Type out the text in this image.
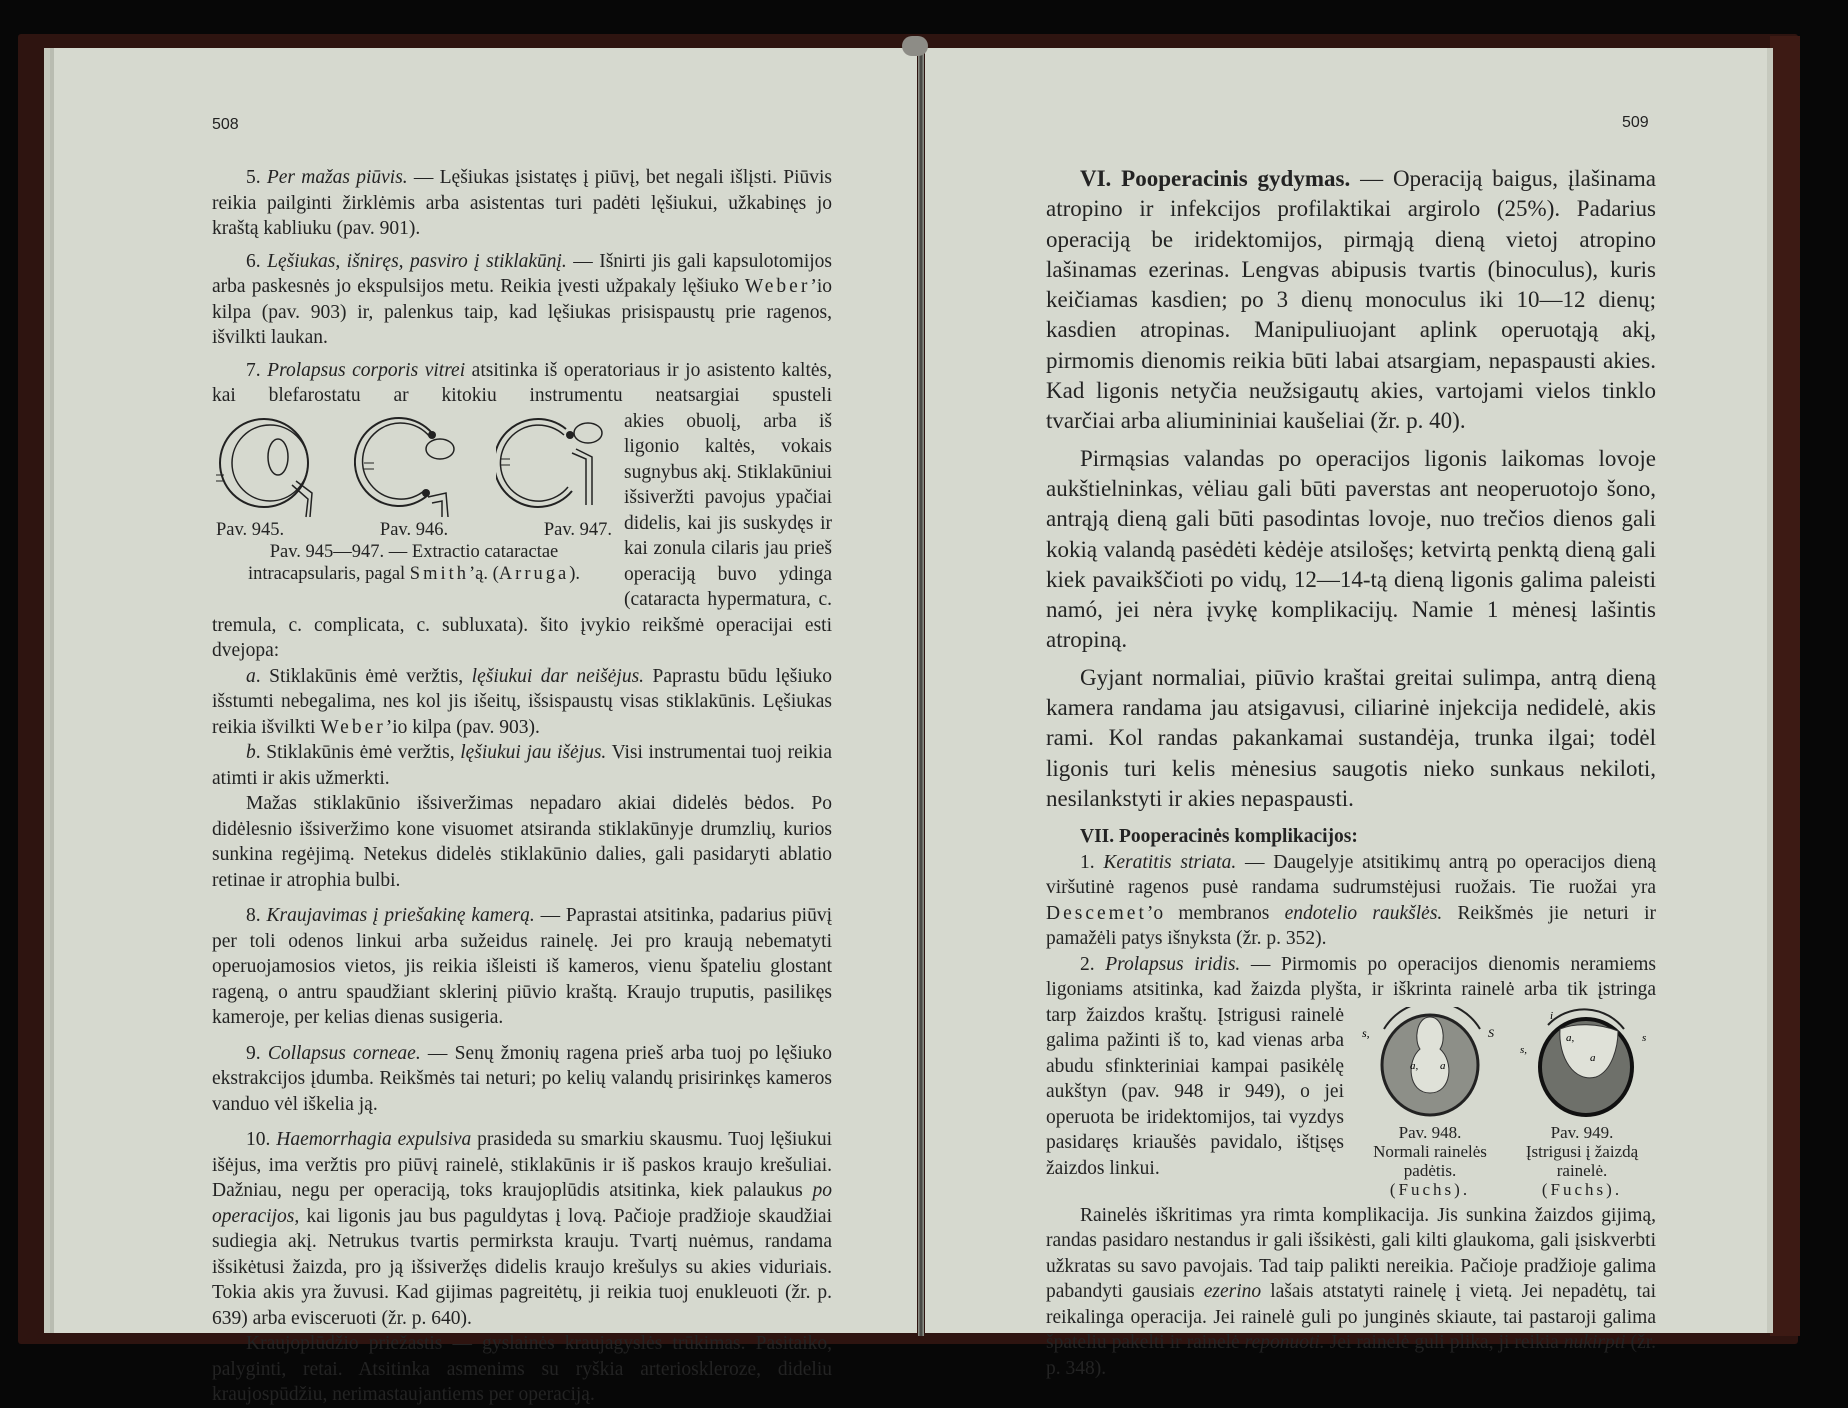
508

5. Per mažas piūvis. — Lęšiukas įsistatęs į piūvį, bet negali išlįsti. Piūvis reikia pailginti žirklėmis arba asistentas turi padėti lęšiukui, užkabinęs jo kraštą kabliuku (pav. 901).

6. Lęšiukas, išniręs, pasviro į stiklakūnį. — Išnirti jis gali kapsulotomijos arba paskesnės jo ekspulsijos metu. Reikia įvesti užpakaly lęšiuko Weber’io kilpa (pav. 903) ir, palenkus taip, kad lęšiukas prisispaustų prie ragenos, išvilkti laukan.

7. Prolapsus corporis vitrei atsitinka iš operatoriaus ir jo asistento kaltės, kai blefarostatu ar kitokiu instrumentu neatsargiai spusteli

Pav. 945.	Pav. 946.	Pav. 947.
Pav. 945—947. — Extractio cataractae intracapsularis, pagal Smith’ą. (Arruga).
akies obuolį, arba iš ligonio kaltės, vokais sugnybus akį. Stiklakūniui išsiveržti pavojus ypačiai didelis, kai jis suskydęs ir kai zonula cilaris jau prieš operaciją buvo ydinga (cataracta hypermatura, c. tremula, c. complicata, c. subluxata). šito įvykio reikšmė operacijai esti dvejopa:

a. Stiklakūnis ėmė veržtis, lęšiukui dar neišėjus. Paprastu būdu lęšiuko išstumti nebegalima, nes kol jis išeitų, išsispaustų visas stiklakūnis. Lęšiukas reikia išvilkti Weber’io kilpa (pav. 903).

b. Stiklakūnis ėmė veržtis, lęšiukui jau išėjus. Visi instrumentai tuoj reikia atimti ir akis užmerkti.

Mažas stiklakūnio išsiveržimas nepadaro akiai didelės bėdos. Po didėlesnio išsiveržimo kone visuomet atsiranda stiklakūnyje drumzlių, kurios sunkina regėjimą. Netekus didelės stiklakūnio dalies, gali pasidaryti ablatio retinae ir atrophia bulbi.

8. Kraujavimas į priešakinę kamerą. — Paprastai atsitinka, padarius piūvį per toli odenos linkui arba sužeidus rainelę. Jei pro kraują nebematyti operuojamosios vietos, jis reikia išleisti iš kameros, vienu špateliu glostant rageną, o antru spaudžiant sklerinį piūvio kraštą. Kraujo truputis, pasilikęs kameroje, per kelias dienas susigeria.

9. Collapsus corneae. — Senų žmonių ragena prieš arba tuoj po lęšiuko ekstrakcijos įdumba. Reikšmės tai neturi; po kelių valandų prisirinkęs kameros vanduo vėl iškelia ją.

10. Haemorrhagia expulsiva prasideda su smarkiu skausmu. Tuoj lęšiukui išėjus, ima veržtis pro piūvį rainelė, stiklakūnis ir iš paskos kraujo krešuliai. Dažniau, negu per operaciją, toks kraujoplūdis atsitinka, kiek palaukus po operacijos, kai ligonis jau bus paguldytas į lovą. Pačioje pradžioje skaudžiai sudiegia akį. Netrukus tvartis permirksta krauju. Tvartį nuėmus, randama išsikėtusi žaizda, pro ją išsiveržęs didelis kraujo krešulys su akies viduriais. Tokia akis yra žuvusi. Kad gijimas pagreitėtų, ji reikia tuoj enukleuoti (žr. p. 639) arba evisceruoti (žr. p. 640).

Kraujoplūdžio priežastis — gyslainės kraujagyslės trūkimas. Pasitaiko, palyginti, retai. Atsitinka asmenims su ryškia arterioskleroze, dideliu kraujospūdžiu, nerimastaujantiems per operaciją.

509

VI. Pooperacinis gydymas. — Operaciją baigus, įlašinama atropino ir infekcijos profilaktikai argirolo (25%). Padarius operaciją be iridektomijos, pirmąją dieną vietoj atropino lašinamas ezerinas. Lengvas abipusis tvartis (binoculus), kuris keičiamas kasdien; po 3 dienų monoculus iki 10—12 dienų; kasdien atropinas. Manipuliuojant aplink operuotąją akį, pirmomis dienomis reikia būti labai atsargiam, nepaspausti akies. Kad ligonis netyčia neužsigautų akies, vartojami vielos tinklo tvarčiai arba aliumininiai kaušeliai (žr. p. 40).

Pirmąsias valandas po operacijos ligonis laikomas lovoje aukštielninkas, vėliau gali būti paverstas ant neoperuotojo šono, antrąją dieną gali būti pasodintas lovoje, nuo trečios dienos gali kokią valandą pasėdėti kėdėje atsilošęs; ketvirtą penktą dieną gali kiek pavaikščioti po vidų, 12—14-tą dieną ligonis galima paleisti namó, jei nėra įvykę komplikacijų. Namie 1 mėnesį lašintis atropiną.

Gyjant normaliai, piūvio kraštai greitai sulimpa, antrą dieną kamera randama jau atsigavusi, ciliarinė injekcija nedidelė, akis rami. Kol randas pakankamai sustandėja, trunka ilgai; todėl ligonis turi kelis mėnesius saugotis nieko sunkaus nekiloti, nesilankstyti ir akies nepaspausti.

VII. Pooperacinės komplikacijos:

1. Keratitis striata. — Daugelyje atsitikimų antrą po operacijos dieną viršutinė ragenos pusė randama sudrumstėjusi ruožais. Tie ruožai yra Descemet’o membranos endotelio raukšlės. Reikšmės jie neturi ir pamažėli patys išnyksta (žr. p. 352).

2. Prolapsus iridis. — Pirmomis po operacijos dienomis neramiems ligoniams atsitinka, kad žaizda plyšta, ir iškrinta rainelė arba tik įstringa

s,
a, a
S
Pav. 948.
Normali rainelės padėtis.
(Fuchs).
i
a,
s,
a
s
Pav. 949.
Įstrigusi į žaizdą rainelė.
(Fuchs).
tarp žaizdos kraštų. Įstrigusi rainelė galima pažinti iš to, kad vienas arba abudu sfinkteriniai kampai pasikėlę aukštyn (pav. 948 ir 949), o jei operuota be iridektomijos, tai vyzdys pasidaręs kriaušės pavidalo, ištįsęs žaizdos linkui.

Rainelės iškritimas yra rimta komplikacija. Jis sunkina žaizdos gijimą, randas pasidaro nestandus ir gali išsikėsti, gali kilti glaukoma, gali įsiskverbti užkratas su savo pavojais. Tad taip palikti nereikia. Pačioje pradžioje galima pabandyti gausiais ezerino lašais atstatyti rainelę į vietą. Jei nepadėtų, tai reikalinga operacija. Jei rainelė guli po junginės skiaute, tai pastaroji galima špateliu pakelti ir rainelė reponuoti. Jei rainelė guli plika, ji reikia nukirpti (žr. p. 348).
